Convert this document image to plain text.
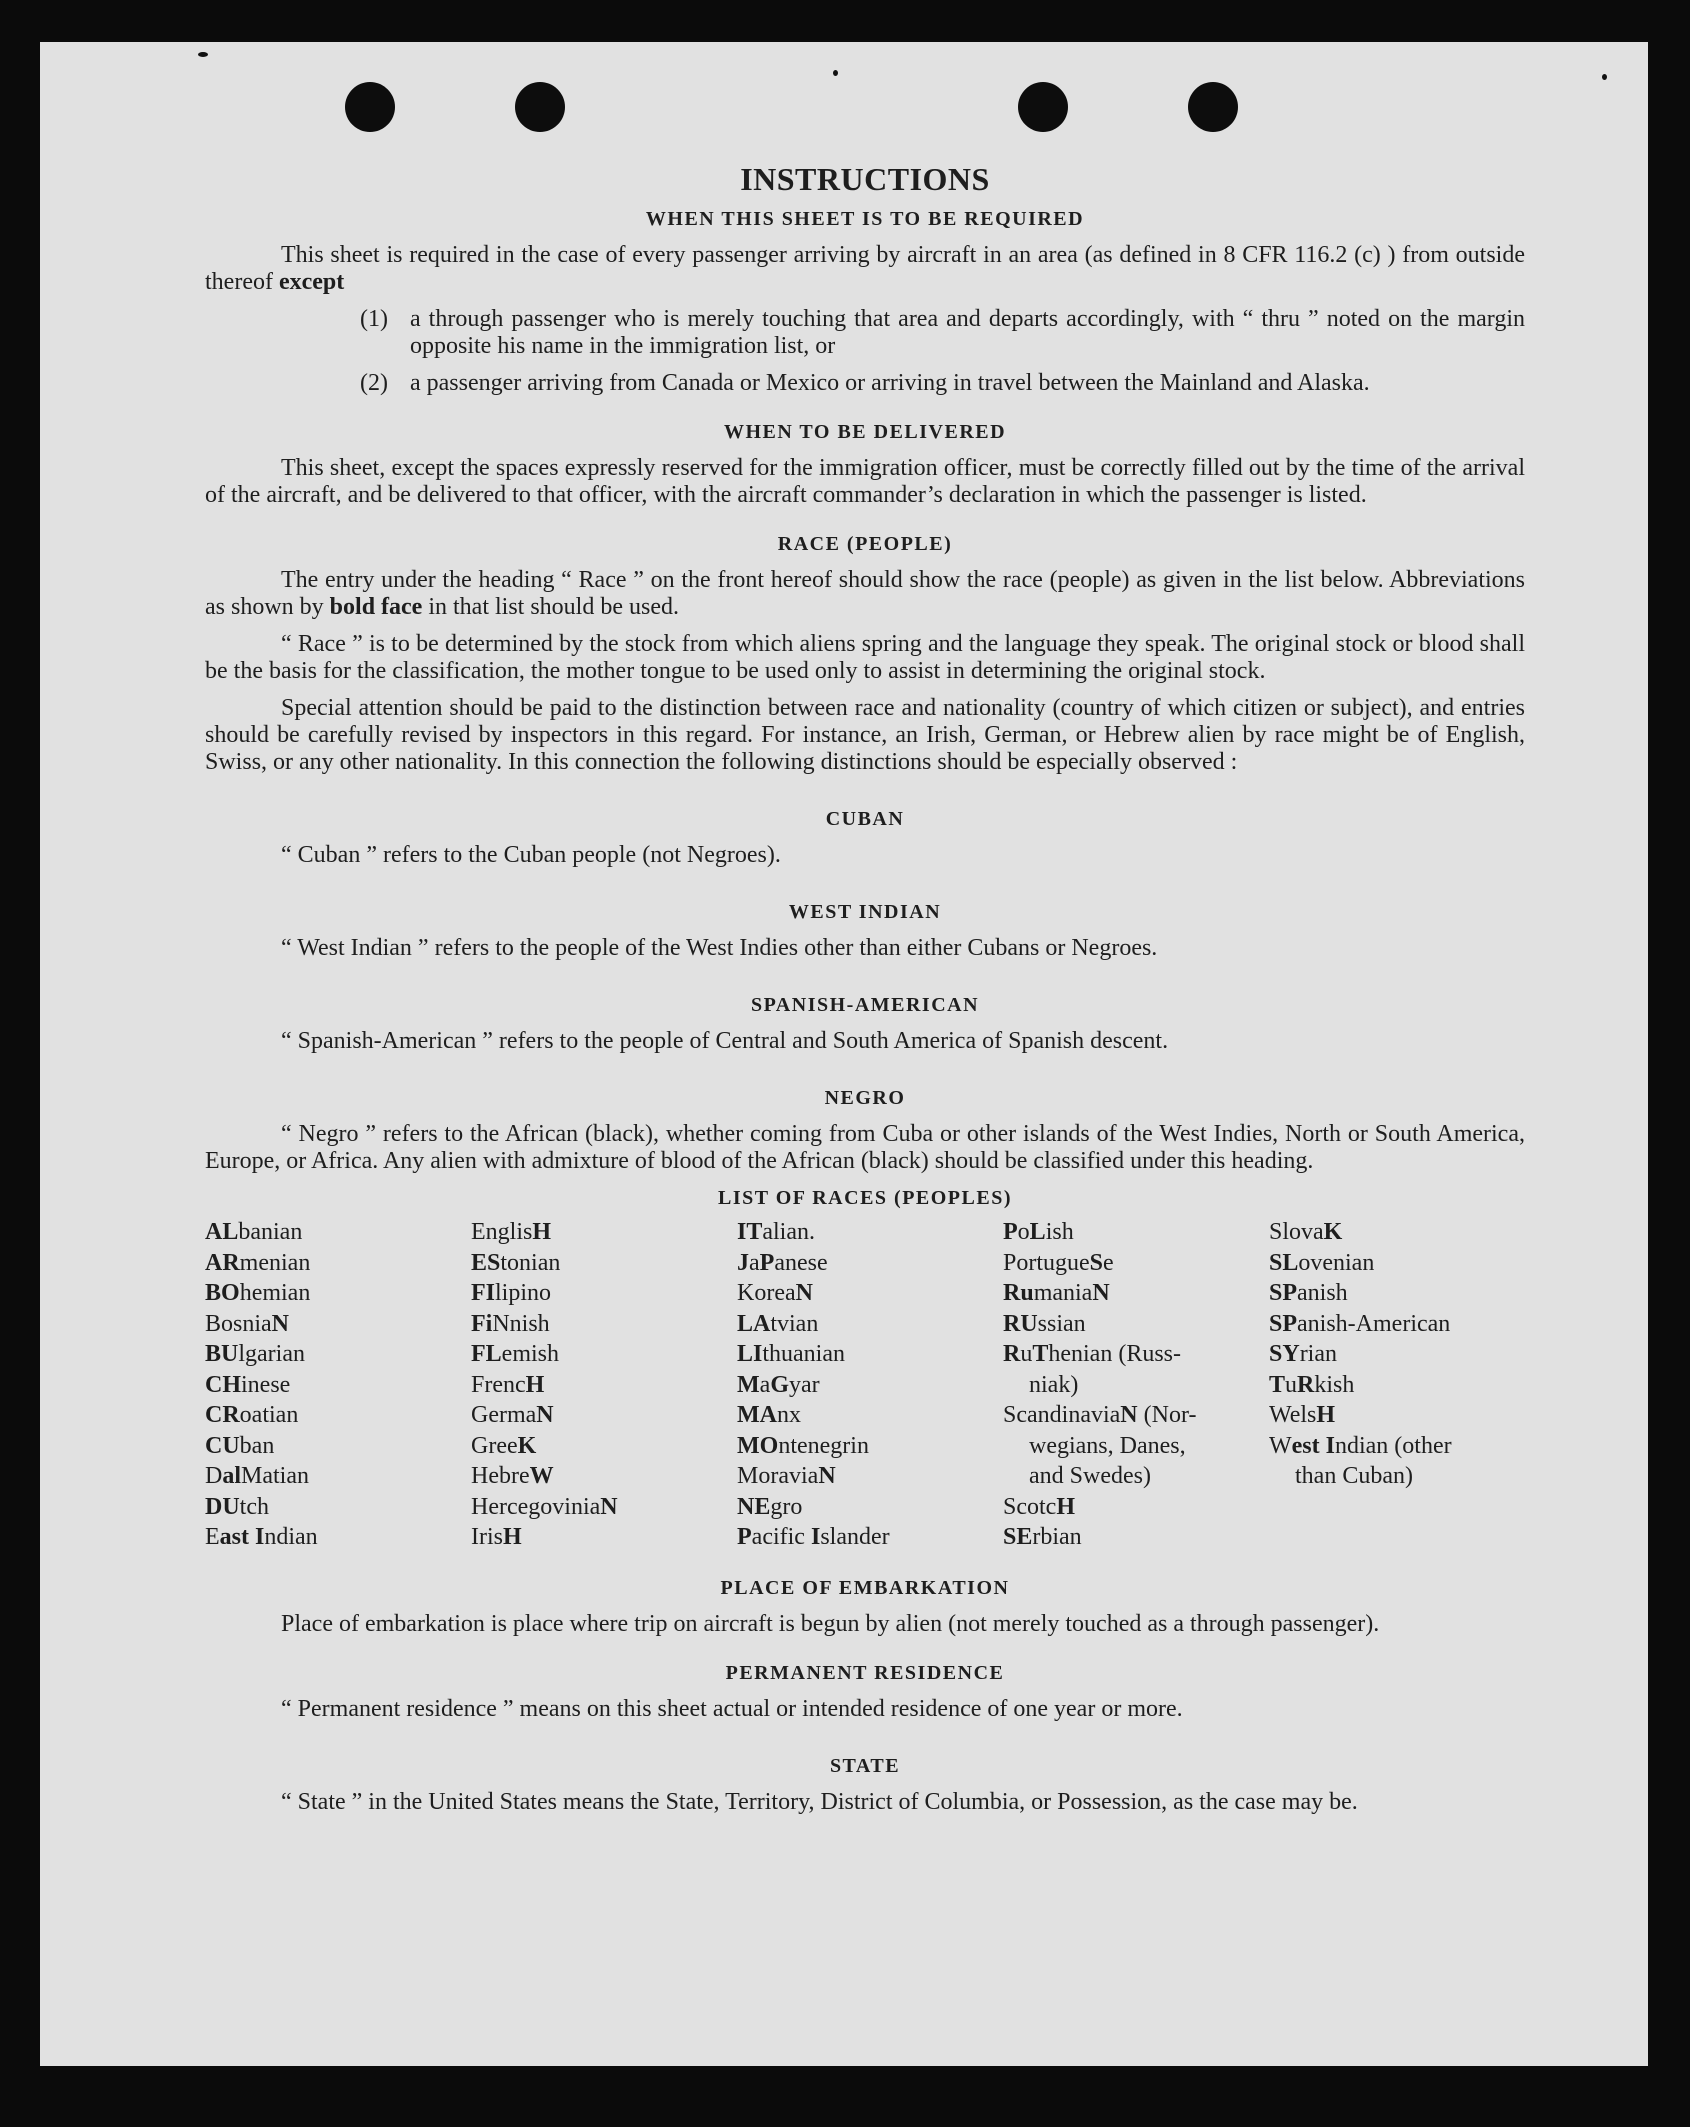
INSTRUCTIONS
WHEN THIS SHEET IS TO BE REQUIRED

This sheet is required in the case of every passenger arriving by aircraft in an area (as defined in 8 CFR 116.2 (c) ) from outside thereof except

(1) a through passenger who is merely touching that area and departs accordingly, with “ thru ” noted on the margin opposite his name in the immigration list, or
(2) a passenger arriving from Canada or Mexico or arriving in travel between the Mainland and Alaska.
WHEN TO BE DELIVERED

This sheet, except the spaces expressly reserved for the immigration officer, must be correctly filled out by the time of the arrival of the aircraft, and be delivered to that officer, with the aircraft commander’s declaration in which the passenger is listed.

RACE (PEOPLE)

The entry under the heading “ Race ” on the front hereof should show the race (people) as given in the list below. Abbreviations as shown by bold face in that list should be used.

“ Race ” is to be determined by the stock from which aliens spring and the language they speak. The original stock or blood shall be the basis for the classification, the mother tongue to be used only to assist in determining the original stock.

Special attention should be paid to the distinction between race and nationality (country of which citizen or subject), and entries should be carefully revised by inspectors in this regard. For instance, an Irish, German, or Hebrew alien by race might be of English, Swiss, or any other nationality. In this connection the following distinctions should be especially observed :

CUBAN

“ Cuban ” refers to the Cuban people (not Negroes).

WEST INDIAN

“ West Indian ” refers to the people of the West Indies other than either Cubans or Negroes.

SPANISH-AMERICAN

“ Spanish-American ” refers to the people of Central and South America of Spanish descent.

NEGRO

“ Negro ” refers to the African (black), whether coming from Cuba or other islands of the West Indies, North or South America, Europe, or Africa. Any alien with admixture of blood of the African (black) should be classified under this heading.

LIST OF RACES (PEOPLES)
ALbanian
ARmenian
BOhemian
BosniaN
BUlgarian
CHinese
CRoatian
CUban
DalMatian
DUtch
East Indian
EnglisH
EStonian
FIlipino
FiNnish
FLemish
FrencH
GermaN
GreeK
HebreW
HercegoviniaN
IrisH
ITalian.
JaPanese
KoreaN
LAtvian
LIthuanian
MaGyar
MAnx
MOntenegrin
MoraviaN
NEgro
Pacific Islander
PoLish
PortugueSe
RumaniaN
RUssian
RuThenian (Russ-
niak)
ScandinaviaN (Nor-
wegians, Danes,
and Swedes)
ScotcH
SErbian
SlovaK
SLovenian
SPanish
SPanish-American
SYrian
TuRkish
WelsH
West Indian (other
than Cuban)
PLACE OF EMBARKATION

Place of embarkation is place where trip on aircraft is begun by alien (not merely touched as a through passenger).

PERMANENT RESIDENCE

“ Permanent residence ” means on this sheet actual or intended residence of one year or more.

STATE

“ State ” in the United States means the State, Territory, District of Columbia, or Possession, as the case may be.
